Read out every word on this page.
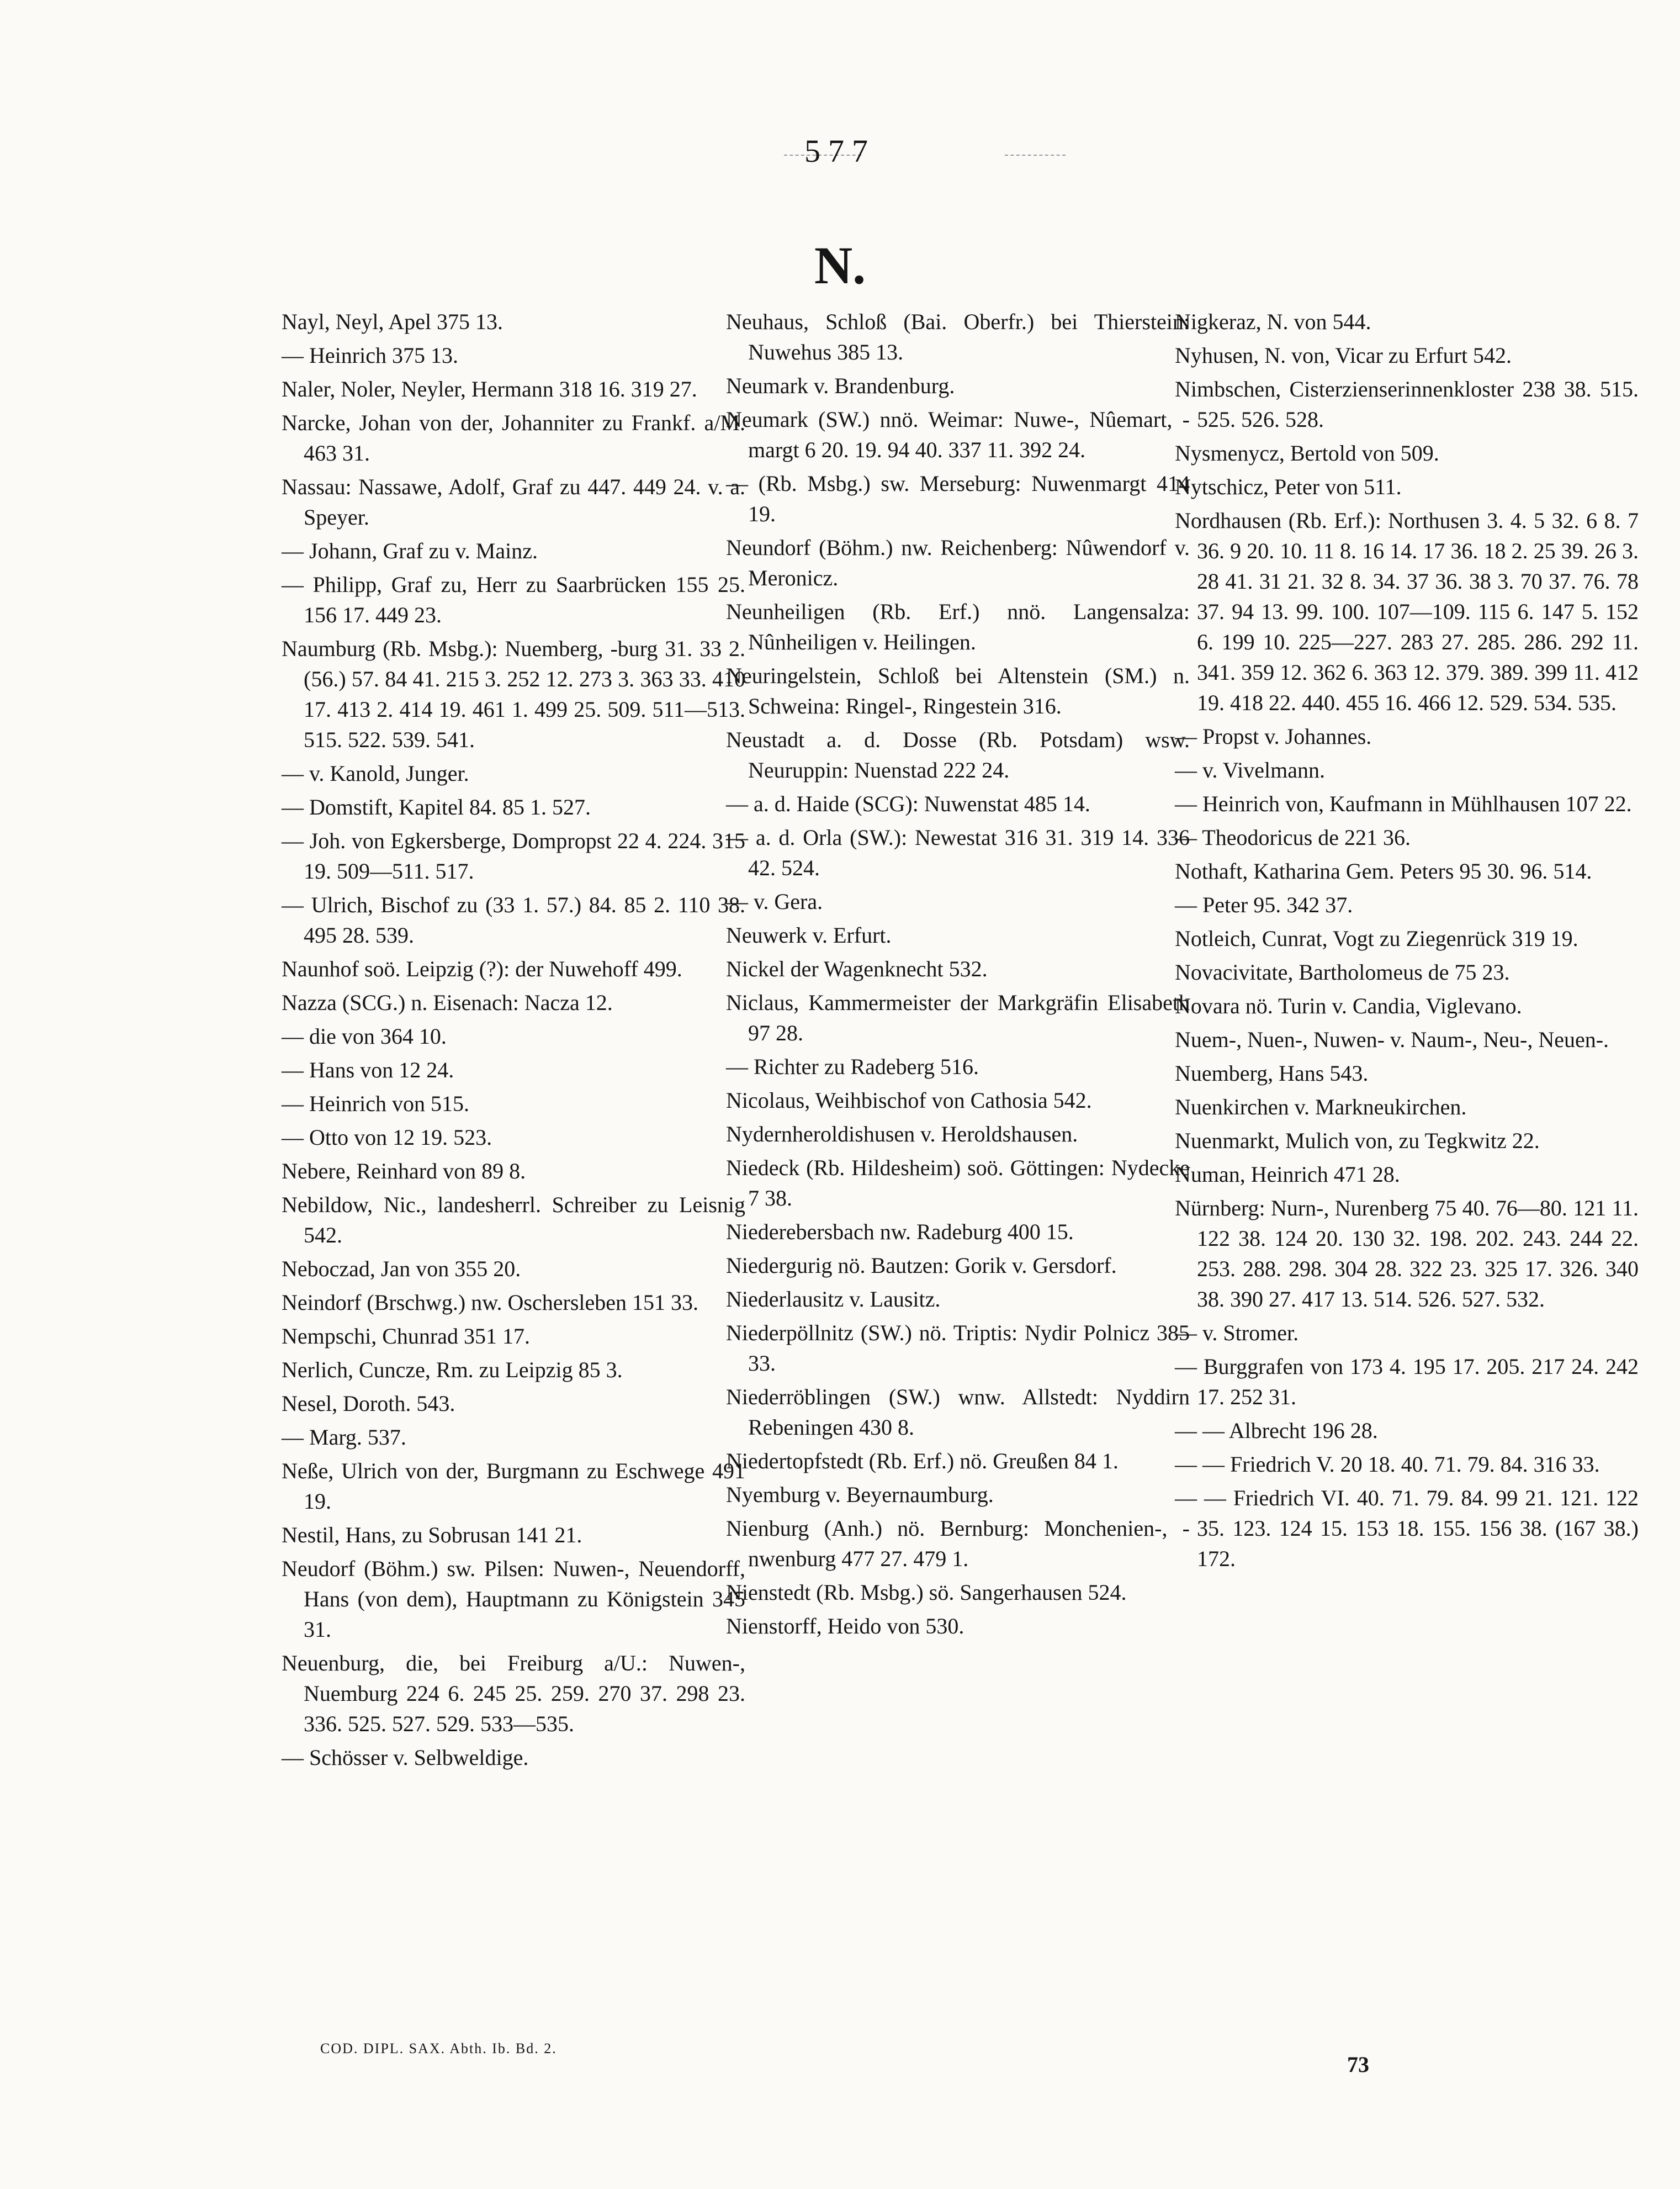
577
N.
Nayl, Neyl, Apel 375 13.
— Heinrich 375 13.
Naler, Noler, Neyler, Hermann 318 16. 319 27.
Narcke, Johan von der, Johanniter zu Frankf. a/M. 463 31.
Nassau: Nassawe, Adolf, Graf zu 447. 449 24. v. a. Speyer.
— Johann, Graf zu v. Mainz.
— Philipp, Graf zu, Herr zu Saarbrücken 155 25. 156 17. 449 23.
Naumburg (Rb. Msbg.): Nuemberg, -burg 31. 33 2. (56.) 57. 84 41. 215 3. 252 12. 273 3. 363 33. 410 17. 413 2. 414 19. 461 1. 499 25. 509. 511—513. 515. 522. 539. 541.
— v. Kanold, Junger.
— Domstift, Kapitel 84. 85 1. 527.
— Joh. von Egkersberge, Dompropst 22 4. 224. 315 19. 509—511. 517.
— Ulrich, Bischof zu (33 1. 57.) 84. 85 2. 110 38. 495 28. 539.
Naunhof soö. Leipzig (?): der Nuwehoff 499.
Nazza (SCG.) n. Eisenach: Nacza 12.
— die von 364 10.
— Hans von 12 24.
— Heinrich von 515.
— Otto von 12 19. 523.
Nebere, Reinhard von 89 8.
Nebildow, Nic., landesherrl. Schreiber zu Leisnig 542.
Neboczad, Jan von 355 20.
Neindorf (Brschwg.) nw. Oschersleben 151 33.
Nempschi, Chunrad 351 17.
Nerlich, Cuncze, Rm. zu Leipzig 85 3.
Nesel, Doroth. 543.
— Marg. 537.
Neße, Ulrich von der, Burgmann zu Eschwege 491 19.
Nestil, Hans, zu Sobrusan 141 21.
Neudorf (Böhm.) sw. Pilsen: Nuwen-, Neuendorff, Hans (von dem), Hauptmann zu Königstein 345 31.
Neuenburg, die, bei Freiburg a/U.: Nuwen-, Nuemburg 224 6. 245 25. 259. 270 37. 298 23. 336. 525. 527. 529. 533—535.
— Schösser v. Selbweldige.
Neuhaus, Schloß (Bai. Oberfr.) bei Thierstein: Nuwehus 385 13.
Neumark v. Brandenburg.
Neumark (SW.) nnö. Weimar: Nuwe-, Nûemart, -margt 6 20. 19. 94 40. 337 11. 392 24.
— (Rb. Msbg.) sw. Merseburg: Nuwenmargt 414 19.
Neundorf (Böhm.) nw. Reichenberg: Nûwendorf v. Meronicz.
Neunheiligen (Rb. Erf.) nnö. Langensalza: Nûnheiligen v. Heilingen.
Neuringelstein, Schloß bei Altenstein (SM.) n. Schweina: Ringel-, Ringestein 316.
Neustadt a. d. Dosse (Rb. Potsdam) wsw. Neuruppin: Nuenstad 222 24.
— a. d. Haide (SCG): Nuwenstat 485 14.
— a. d. Orla (SW.): Newestat 316 31. 319 14. 336 42. 524.
— v. Gera.
Neuwerk v. Erfurt.
Nickel der Wagenknecht 532.
Niclaus, Kammermeister der Markgräfin Elisabeth 97 28.
— Richter zu Radeberg 516.
Nicolaus, Weihbischof von Cathosia 542.
Nydernheroldishusen v. Heroldshausen.
Niedeck (Rb. Hildesheim) soö. Göttingen: Nydecke 7 38.
Niederebersbach nw. Radeburg 400 15.
Niedergurig nö. Bautzen: Gorik v. Gersdorf.
Niederlausitz v. Lausitz.
Niederpöllnitz (SW.) nö. Triptis: Nydir Polnicz 385 33.
Niederröblingen (SW.) wnw. Allstedt: Nyddirn Rebeningen 430 8.
Niedertopfstedt (Rb. Erf.) nö. Greußen 84 1.
Nyemburg v. Beyernaumburg.
Nienburg (Anh.) nö. Bernburg: Monchenien-, -nwenburg 477 27. 479 1.
Nienstedt (Rb. Msbg.) sö. Sangerhausen 524.
Nienstorff, Heido von 530.
Nigkeraz, N. von 544.
Nyhusen, N. von, Vicar zu Erfurt 542.
Nimbschen, Cisterzienserinnenkloster 238 38. 515. 525. 526. 528.
Nysmenycz, Bertold von 509.
Nytschicz, Peter von 511.
Nordhausen (Rb. Erf.): Northusen 3. 4. 5 32. 6 8. 7 36. 9 20. 10. 11 8. 16 14. 17 36. 18 2. 25 39. 26 3. 28 41. 31 21. 32 8. 34. 37 36. 38 3. 70 37. 76. 78 37. 94 13. 99. 100. 107—109. 115 6. 147 5. 152 6. 199 10. 225—227. 283 27. 285. 286. 292 11. 341. 359 12. 362 6. 363 12. 379. 389. 399 11. 412 19. 418 22. 440. 455 16. 466 12. 529. 534. 535.
— Propst v. Johannes.
— v. Vivelmann.
— Heinrich von, Kaufmann in Mühlhausen 107 22.
— Theodoricus de 221 36.
Nothaft, Katharina Gem. Peters 95 30. 96. 514.
— Peter 95. 342 37.
Notleich, Cunrat, Vogt zu Ziegenrück 319 19.
Novacivitate, Bartholomeus de 75 23.
Novara nö. Turin v. Candia, Viglevano.
Nuem-, Nuen-, Nuwen- v. Naum-, Neu-, Neuen-.
Nuemberg, Hans 543.
Nuenkirchen v. Markneukirchen.
Nuenmarkt, Mulich von, zu Tegkwitz 22.
Numan, Heinrich 471 28.
Nürnberg: Nurn-, Nurenberg 75 40. 76—80. 121 11. 122 38. 124 20. 130 32. 198. 202. 243. 244 22. 253. 288. 298. 304 28. 322 23. 325 17. 326. 340 38. 390 27. 417 13. 514. 526. 527. 532.
— v. Stromer.
— Burggrafen von 173 4. 195 17. 205. 217 24. 242 17. 252 31.
— — Albrecht 196 28.
— — Friedrich V. 20 18. 40. 71. 79. 84. 316 33.
— — Friedrich VI. 40. 71. 79. 84. 99 21. 121. 122 35. 123. 124 15. 153 18. 155. 156 38. (167 38.) 172.
COD. DIPL. SAX. Abth. Ib. Bd. 2.
73
